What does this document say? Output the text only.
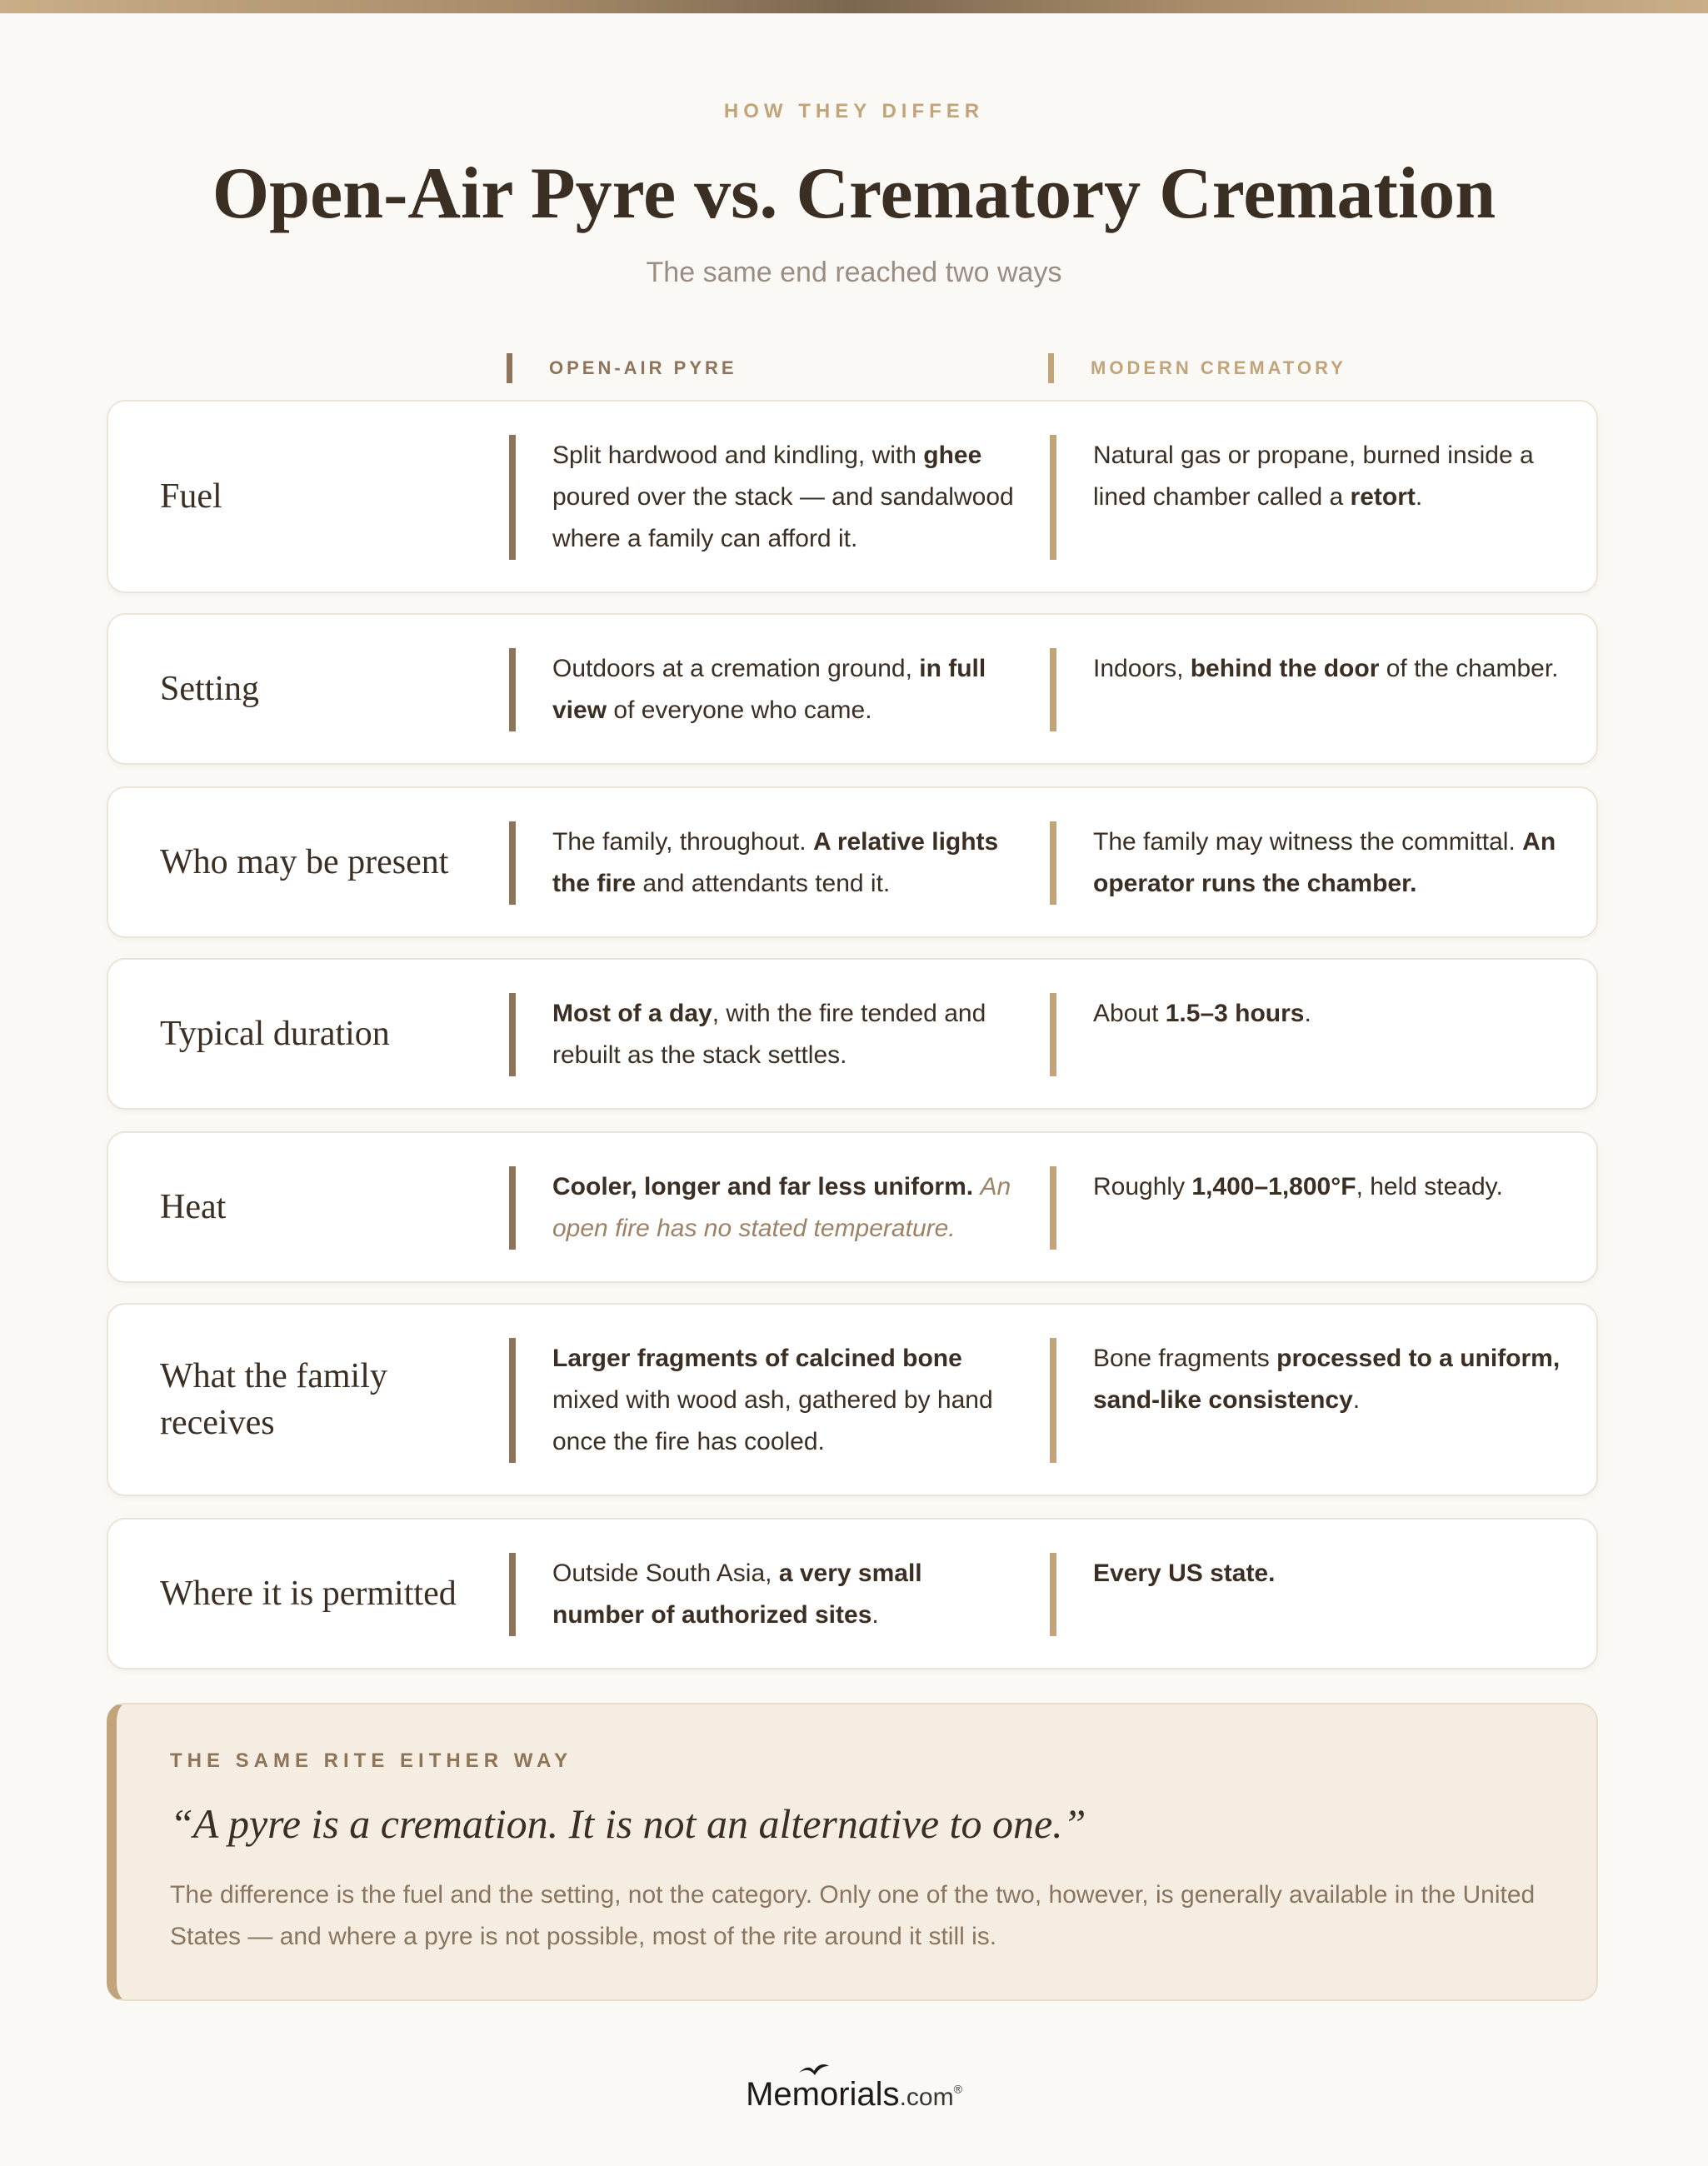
HOW THEY DIFFER
Open-Air Pyre vs. Crematory Cremation
The same end reached two ways
OPEN-AIR PYRE	MODERN CREMATORY
Fuel
Split hardwood and kindling, with ghee poured over the stack — and sandalwood where a family can afford it.
Natural gas or propane, burned inside a lined chamber called a retort.
Setting
Outdoors at a cremation ground, in full view of everyone who came.
Indoors, behind the door of the chamber.
Who may be present
The family, throughout. A relative lights the fire and attendants tend it.
The family may witness the committal. An operator runs the chamber.
Typical duration
Most of a day, with the fire tended and rebuilt as the stack settles.
About 1.5–3 hours.
Heat
Cooler, longer and far less uniform. An open fire has no stated temperature.
Roughly 1,400–1,800°F, held steady.
What the family receives
Larger fragments of calcined bone mixed with wood ash, gathered by hand once the fire has cooled.
Bone fragments processed to a uniform, sand-like consistency.
Where it is permitted
Outside South Asia, a very small number of authorized sites.
Every US state.
THE SAME RITE EITHER WAY
“A pyre is a cremation. It is not an alternative to one.”
The difference is the fuel and the setting, not the category. Only one of the two, however, is generally available in the United States — and where a pyre is not possible, most of the rite around it still is.
Memorials.com®
